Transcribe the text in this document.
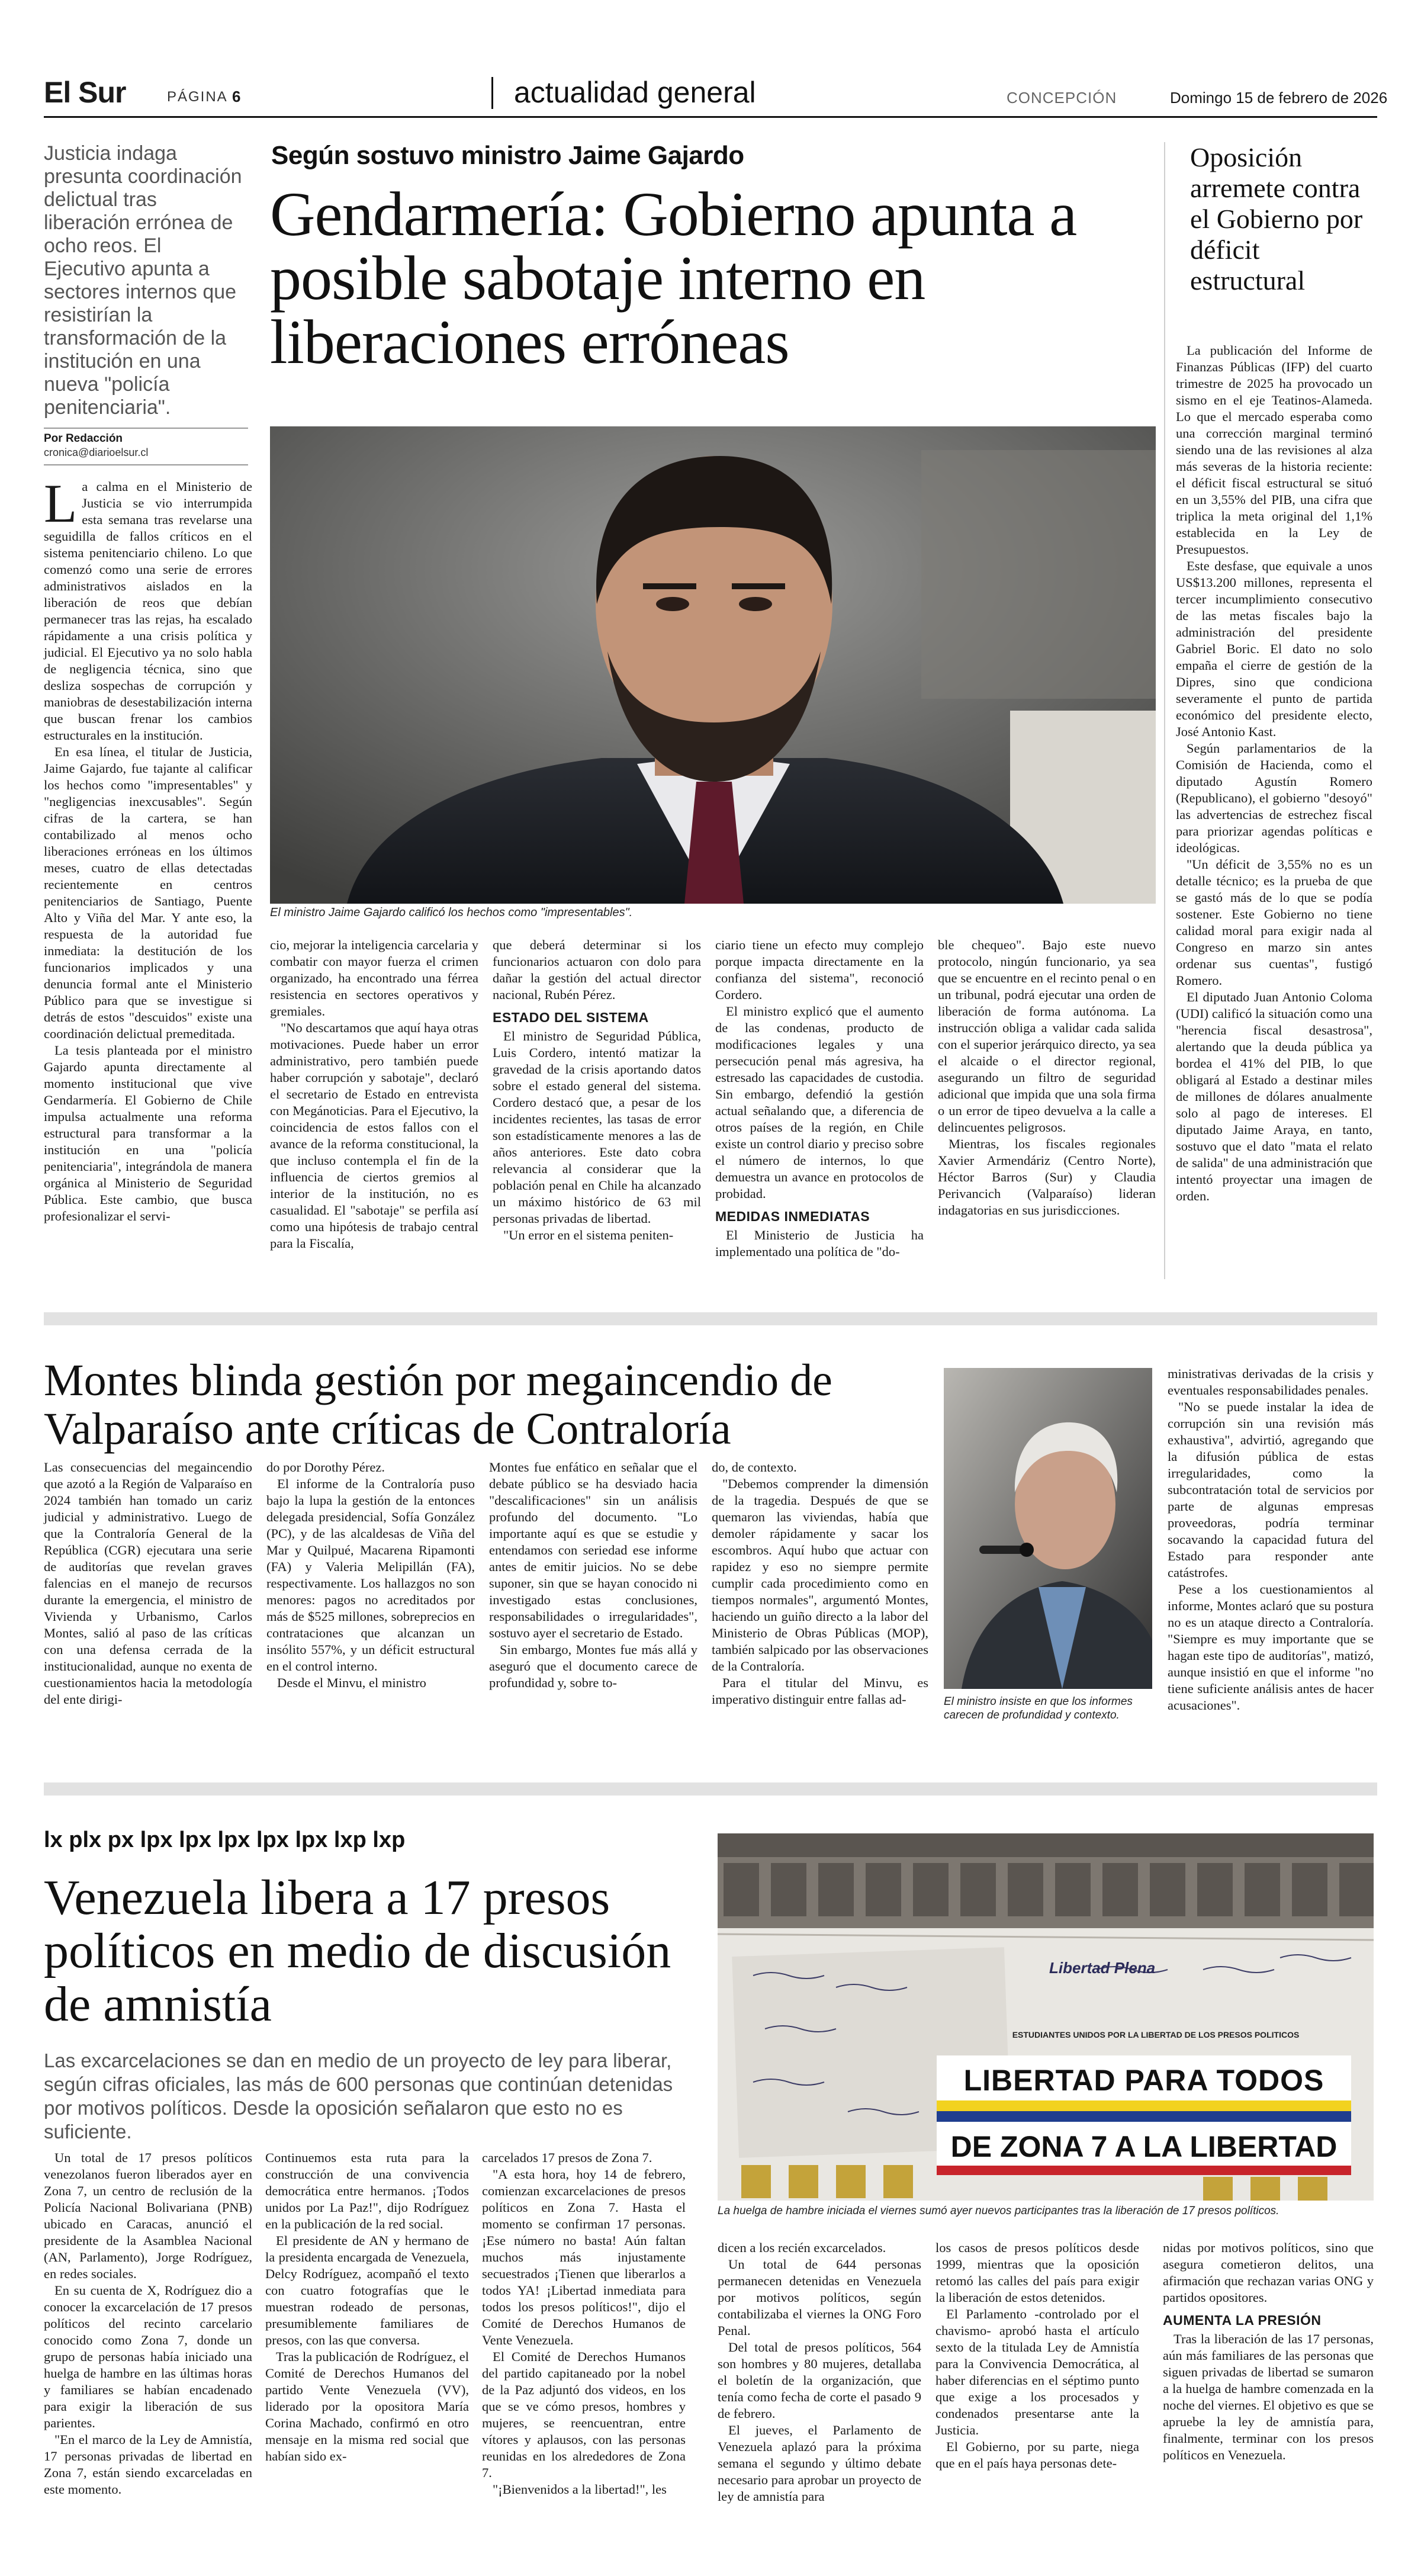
El Sur	PÁGINA 6	actualidad general	CONCEPCIÓN	Domingo 15 de febrero de 2026
Justicia indaga presunta coordinación delictual tras liberación errónea de ocho reos. El Ejecutivo apunta a sectores internos que resistirían la transformación de la institución en una nueva "policía penitenciaria".
Por Redacción
cronica@diarioelsur.cl
Según sostuvo ministro Jaime Gajardo
Gendarmería: Gobierno apunta a posible sabotaje interno en liberaciones erróneas
El ministro Jaime Gajardo calificó los hechos como "impresentables".

La calma en el Ministerio de Justicia se vio interrumpida esta semana tras revelarse una seguidilla de fallos críticos en el sistema penitenciario chileno. Lo que comenzó como una serie de errores administrativos aislados en la liberación de reos que debían permanecer tras las rejas, ha escalado rápidamente a una crisis política y judicial. El Ejecutivo ya no solo habla de negligencia técnica, sino que desliza sospechas de corrupción y maniobras de desestabilización interna que buscan frenar los cambios estructurales en la institución.

En esa línea, el titular de Justicia, Jaime Gajardo, fue tajante al calificar los hechos como "impresentables" y "negligencias inexcusables". Según cifras de la cartera, se han contabilizado al menos ocho liberaciones erróneas en los últimos meses, cuatro de ellas detectadas recientemente en centros penitenciarios de Santiago, Puente Alto y Viña del Mar. Y ante eso, la respuesta de la autoridad fue inmediata: la destitución de los funcionarios implicados y una denuncia formal ante el Ministerio Público para que se investigue si detrás de estos "descuidos" existe una coordinación delictual premeditada.

La tesis planteada por el ministro Gajardo apunta directamente al momento institucional que vive Gendarmería. El Gobierno de Chile impulsa actualmente una reforma estructural para transformar a la institución en una "policía penitenciaria", integrándola de manera orgánica al Ministerio de Seguridad Pública. Este cambio, que busca profesionalizar el servi-

cio, mejorar la inteligencia carcelaria y combatir con mayor fuerza el crimen organizado, ha encontrado una férrea resistencia en sectores operativos y gremiales.

"No descartamos que aquí haya otras motivaciones. Puede haber un error administrativo, pero también puede haber corrupción y sabotaje", declaró el secretario de Estado en entrevista con Megánoticias. Para el Ejecutivo, la coincidencia de estos fallos con el avance de la reforma constitucional, la que incluso contempla el fin de la influencia de ciertos gremios al interior de la institución, no es casualidad. El "sabotaje" se perfila así como una hipótesis de trabajo central para la Fiscalía,

que deberá determinar si los funcionarios actuaron con dolo para dañar la gestión del actual director nacional, Rubén Pérez.

ESTADO DEL SISTEMA

El ministro de Seguridad Pública, Luis Cordero, intentó matizar la gravedad de la crisis aportando datos sobre el estado general del sistema. Cordero destacó que, a pesar de los incidentes recientes, las tasas de error son estadísticamente menores a las de años anteriores. Este dato cobra relevancia al considerar que la población penal en Chile ha alcanzado un máximo histórico de 63 mil personas privadas de libertad.

"Un error en el sistema peniten-

ciario tiene un efecto muy complejo porque impacta directamente en la confianza del sistema", reconoció Cordero.

El ministro explicó que el aumento de las condenas, producto de modificaciones legales y una persecución penal más agresiva, ha estresado las capacidades de custodia. Sin embargo, defendió la gestión actual señalando que, a diferencia de otros países de la región, en Chile existe un control diario y preciso sobre el número de internos, lo que demuestra un avance en protocolos de probidad.

MEDIDAS INMEDIATAS

El Ministerio de Justicia ha implementado una política de "do-

ble chequeo". Bajo este nuevo protocolo, ningún funcionario, ya sea que se encuentre en el recinto penal o en un tribunal, podrá ejecutar una orden de liberación de forma autónoma. La instrucción obliga a validar cada salida con el superior jerárquico directo, ya sea el alcaide o el director regional, asegurando un filtro de seguridad adicional que impida que una sola firma o un error de tipeo devuelva a la calle a delincuentes peligrosos.

Mientras, los fiscales regionales Xavier Armendáriz (Centro Norte), Héctor Barros (Sur) y Claudia Perivancich (Valparaíso) lideran indagatorias en sus jurisdicciones.

Oposición arremete contra el Gobierno por déficit estructural

La publicación del Informe de Finanzas Públicas (IFP) del cuarto trimestre de 2025 ha provocado un sismo en el eje Teatinos-Alameda. Lo que el mercado esperaba como una corrección marginal terminó siendo una de las revisiones al alza más severas de la historia reciente: el déficit fiscal estructural se situó en un 3,55% del PIB, una cifra que triplica la meta original del 1,1% establecida en la Ley de Presupuestos.

Este desfase, que equivale a unos US$13.200 millones, representa el tercer incumplimiento consecutivo de las metas fiscales bajo la administración del presidente Gabriel Boric. El dato no solo empaña el cierre de gestión de la Dipres, sino que condiciona severamente el punto de partida económico del presidente electo, José Antonio Kast.

Según parlamentarios de la Comisión de Hacienda, como el diputado Agustín Romero (Republicano), el gobierno "desoyó" las advertencias de estrechez fiscal para priorizar agendas políticas e ideológicas.

"Un déficit de 3,55% no es un detalle técnico; es la prueba de que se gastó más de lo que se podía sostener. Este Gobierno no tiene calidad moral para exigir nada al Congreso en marzo sin antes ordenar sus cuentas", fustigó Romero.

El diputado Juan Antonio Coloma (UDI) calificó la situación como una "herencia fiscal desastrosa", alertando que la deuda pública ya bordea el 41% del PIB, lo que obligará al Estado a destinar miles de millones de dólares anualmente solo al pago de intereses. El diputado Jaime Araya, en tanto, sostuvo que el dato "mata el relato de salida" de una administración que intentó proyectar una imagen de orden.

Montes blinda gestión por megaincendio de Valparaíso ante críticas de Contraloría
El ministro insiste en que los informes carecen de profundidad y contexto.

Las consecuencias del megaincendio que azotó a la Región de Valparaíso en 2024 también han tomado un cariz judicial y administrativo. Luego de que la Contraloría General de la República (CGR) ejecutara una serie de auditorías que revelan graves falencias en el manejo de recursos durante la emergencia, el ministro de Vivienda y Urbanismo, Carlos Montes, salió al paso de las críticas con una defensa cerrada de la institucionalidad, aunque no exenta de cuestionamientos hacia la metodología del ente dirigi-

do por Dorothy Pérez.

El informe de la Contraloría puso bajo la lupa la gestión de la entonces delegada presidencial, Sofía González (PC), y de las alcaldesas de Viña del Mar y Quilpué, Macarena Ripamonti (FA) y Valeria Melipillán (FA), respectivamente. Los hallazgos no son menores: pagos no acreditados por más de $525 millones, sobreprecios en contrataciones que alcanzan un insólito 557%, y un déficit estructural en el control interno.

Desde el Minvu, el ministro

Montes fue enfático en señalar que el debate público se ha desviado hacia "descalificaciones" sin un análisis profundo del documento. "Lo importante aquí es que se estudie y entendamos con seriedad ese informe antes de emitir juicios. No se debe suponer, sin que se hayan conocido ni investigado estas conclusiones, responsabilidades o irregularidades", sostuvo ayer el secretario de Estado.

Sin embargo, Montes fue más allá y aseguró que el documento carece de profundidad y, sobre to-

do, de contexto.

"Debemos comprender la dimensión de la tragedia. Después de que se quemaron las viviendas, había que demoler rápidamente y sacar los escombros. Aquí hubo que actuar con rapidez y eso no siempre permite cumplir cada procedimiento como en tiempos normales", argumentó Montes, haciendo un guiño directo a la labor del Ministerio de Obras Públicas (MOP), también salpicado por las observaciones de la Contraloría.

Para el titular del Minvu, es imperativo distinguir entre fallas ad-

ministrativas derivadas de la crisis y eventuales responsabilidades penales.

"No se puede instalar la idea de corrupción sin una revisión más exhaustiva", advirtió, agregando que la difusión pública de estas irregularidades, como la subcontratación total de servicios por parte de algunas empresas proveedoras, podría terminar socavando la capacidad futura del Estado para responder ante catástrofes.

Pese a los cuestionamientos al informe, Montes aclaró que su postura no es un ataque directo a Contraloría. "Siempre es muy importante que se hagan este tipo de auditorías", matizó, aunque insistió en que el informe "no tiene suficiente análisis antes de hacer acusaciones".

lx plx px lpx lpx lpx lpx lpx lxp lxp
Venezuela libera a 17 presos políticos en medio de discusión de amnistía
Las excarcelaciones se dan en medio de un proyecto de ley para liberar, según cifras oficiales, las más de 600 personas que continúan detenidas por motivos políticos. Desde la oposición señalaron que esto no es suficiente.
Libertad Plena
ESTUDIANTES UNIDOS POR LA LIBERTAD DE LOS PRESOS POLITICOS
LIBERTAD PARA TODOS
DE ZONA 7 A LA LIBERTAD
La huelga de hambre iniciada el viernes sumó ayer nuevos participantes tras la liberación de 17 presos políticos.

Un total de 17 presos políticos venezolanos fueron liberados ayer en Zona 7, un centro de reclusión de la Policía Nacional Bolivariana (PNB) ubicado en Caracas, anunció el presidente de la Asamblea Nacional (AN, Parlamento), Jorge Rodríguez, en redes sociales.

En su cuenta de X, Rodríguez dio a conocer la excarcelación de 17 presos políticos del recinto carcelario conocido como Zona 7, donde un grupo de personas había iniciado una huelga de hambre en las últimas horas y familiares se habían encadenado para exigir la liberación de sus parientes.

"En el marco de la Ley de Amnistía, 17 personas privadas de libertad en Zona 7, están siendo excarceladas en este momento.

Continuemos esta ruta para la construcción de una convivencia democrática entre hermanos. ¡Todos unidos por La Paz!", dijo Rodríguez en la publicación de la red social.

El presidente de AN y hermano de la presidenta encargada de Venezuela, Delcy Rodríguez, acompañó el texto con cuatro fotografías que le muestran rodeado de personas, presumiblemente familiares de presos, con las que conversa.

Tras la publicación de Rodríguez, el Comité de Derechos Humanos del partido Vente Venezuela (VV), liderado por la opositora María Corina Machado, confirmó en otro mensaje en la misma red social que habían sido ex-

carcelados 17 presos de Zona 7.

"A esta hora, hoy 14 de febrero, comienzan excarcelaciones de presos políticos en Zona 7. Hasta el momento se confirman 17 personas. ¡Ese número no basta! Aún faltan muchos más injustamente secuestrados ¡Tienen que liberarlos a todos YA! ¡Libertad inmediata para todos los presos políticos!", dijo el Comité de Derechos Humanos de Vente Venezuela.

El Comité de Derechos Humanos del partido capitaneado por la nobel de la Paz adjuntó dos videos, en los que se ve cómo presos, hombres y mujeres, se reencuentran, entre vítores y aplausos, con las personas reunidas en los alrededores de Zona 7.

"¡Bienvenidos a la libertad!", les

dicen a los recién excarcelados.

Un total de 644 personas permanecen detenidas en Venezuela por motivos políticos, según contabilizaba el viernes la ONG Foro Penal.

Del total de presos políticos, 564 son hombres y 80 mujeres, detallaba el boletín de la organización, que tenía como fecha de corte el pasado 9 de febrero.

El jueves, el Parlamento de Venezuela aplazó para la próxima semana el segundo y último debate necesario para aprobar un proyecto de ley de amnistía para

los casos de presos políticos desde 1999, mientras que la oposición retomó las calles del país para exigir la liberación de estos detenidos.

El Parlamento -controlado por el chavismo- aprobó hasta el artículo sexto de la titulada Ley de Amnistía para la Convivencia Democrática, al haber diferencias en el séptimo punto que exige a los procesados y condenados presentarse ante la Justicia.

El Gobierno, por su parte, niega que en el país haya personas dete-

nidas por motivos políticos, sino que asegura cometieron delitos, una afirmación que rechazan varias ONG y partidos opositores.

AUMENTA LA PRESIÓN

Tras la liberación de las 17 personas, aún más familiares de las personas que siguen privadas de libertad se sumaron a la huelga de hambre comenzada en la noche del viernes. El objetivo es que se apruebe la ley de amnistía para, finalmente, terminar con los presos políticos en Venezuela.
